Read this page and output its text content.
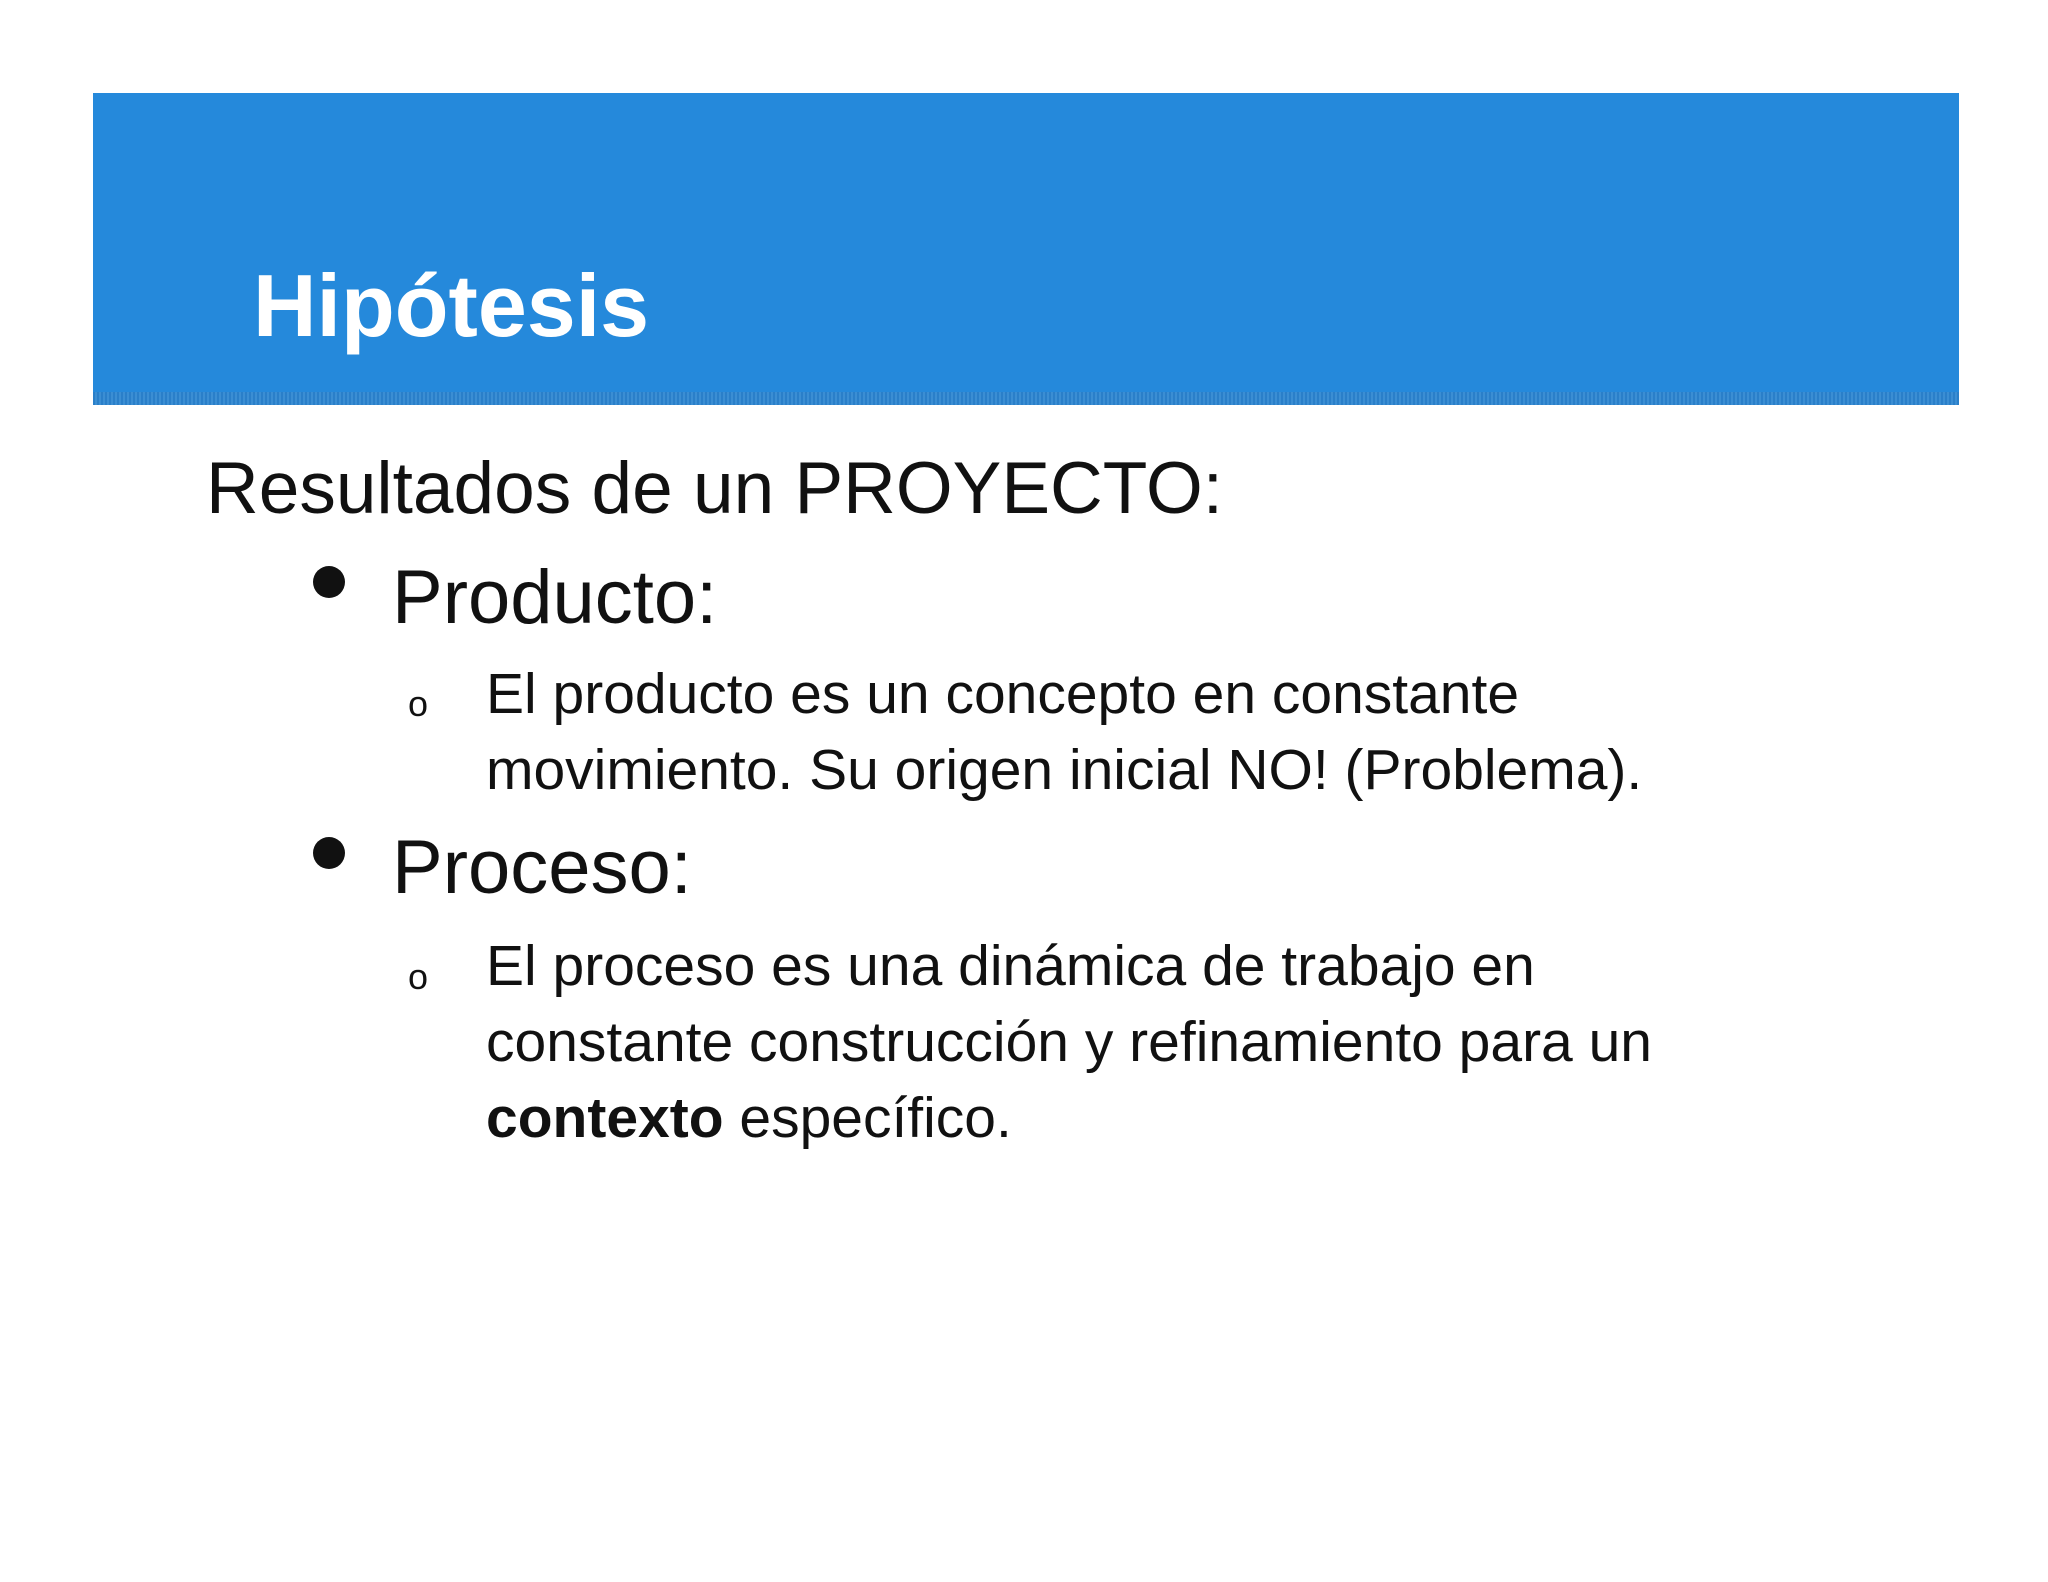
Hipótesis
Resultados de un PROYECTO:
Producto:
o El producto es un concepto en constante
movimiento. Su origen inicial NO! (Problema).
Proceso:
o El proceso es una dinámica de trabajo en
constante construcción y refinamiento para un
contexto específico.
